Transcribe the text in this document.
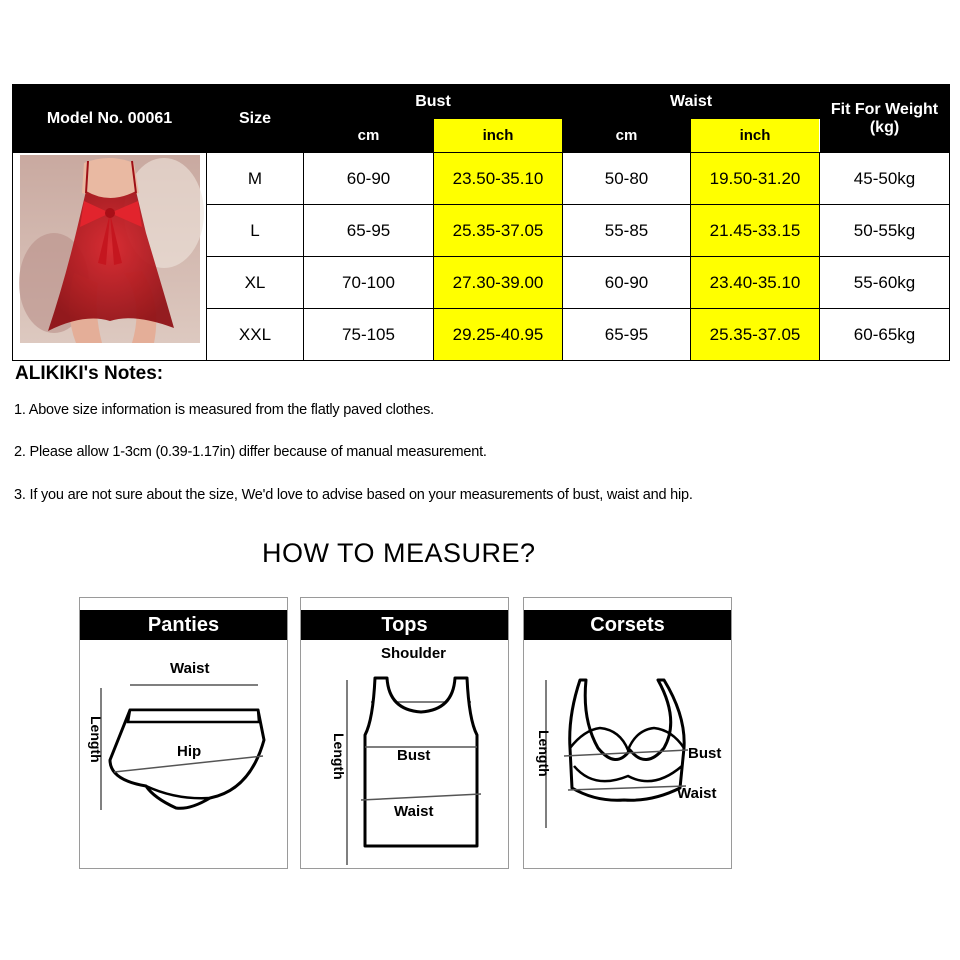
Model No. 00061	Size	Bust		Waist		Fit For Weight
(kg)
		cm	inch	cm	inch	
	M	60-90	23.50-35.10	50-80	19.50-31.20	45-50kg
	L	65-95	25.35-37.05	55-85	21.45-33.15	50-55kg
	XL	70-100	27.30-39.00	60-90	23.40-35.10	55-60kg
	XXL	75-105	29.25-40.95	65-95	25.35-37.05	60-65kg
ALIKIKI's Notes:
1. Above size information is measured from the flatly paved clothes.
2. Please allow 1-3cm (0.39-1.17in) differ because of manual measurement.
3. If you are not sure about the size, We'd love to advise based on your measurements of bust, waist and hip.
HOW TO MEASURE?
Panties
Waist
Hip
Length
Tops
Shoulder
Bust
Waist
Length
Corsets
Bust
Waist
Length
